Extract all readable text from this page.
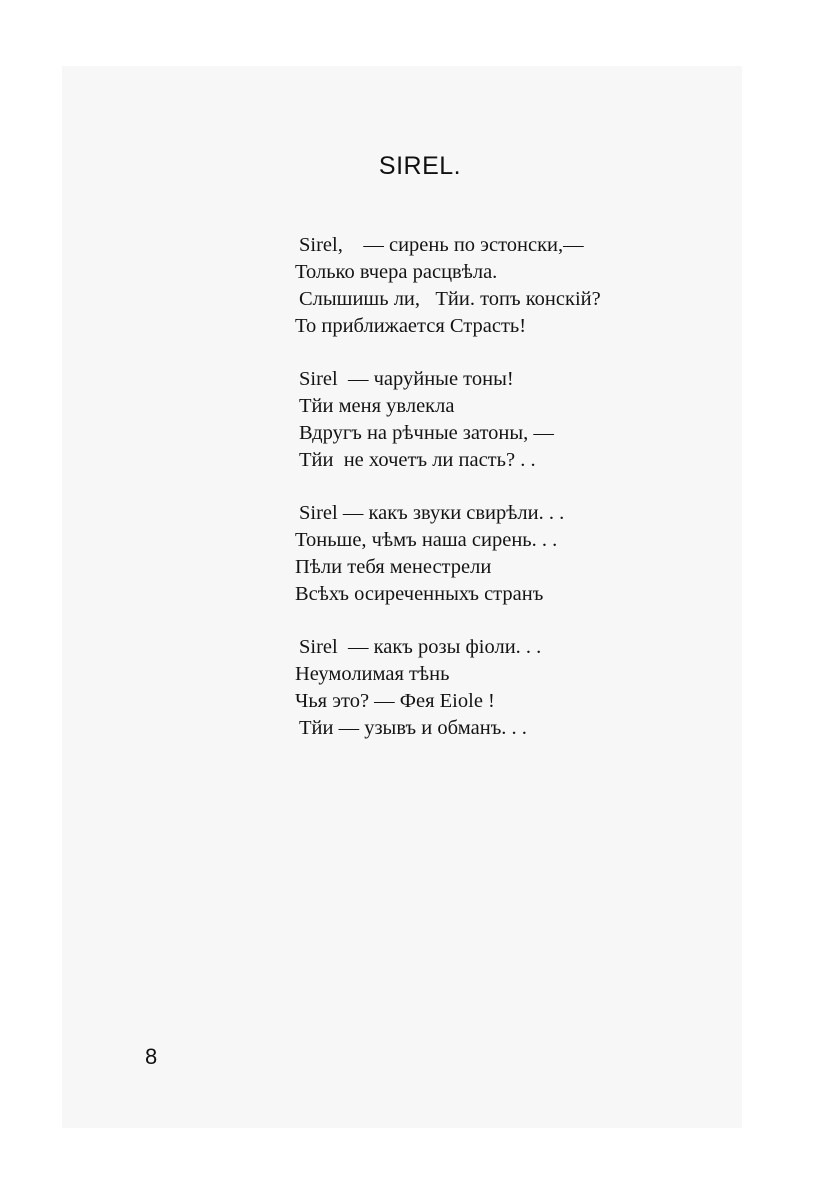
SIREL.
Sirel,    — сирень по эстонски,—
Только вчера расцвѣла.
Слышишь ли,   Тйи. топъ конскій?
То приближается Страсть!
Sirel  — чаруйные тоны!
Тйи меня увлекла
Вдругъ на рѣчные затоны, —
Тйи  не хочетъ ли пасть? . .
Sirel — какъ звуки свирѣли. . .
Тоньше, чѣмъ наша сирень. . .
Пѣли тебя менестрели
Всѣхъ осиреченныхъ странъ
Sirel  — какъ розы фіоли. . .
Неумолимая тѣнь
Чья это? — Фея Eiole !
Тйи — узывъ и обманъ. . .
8
